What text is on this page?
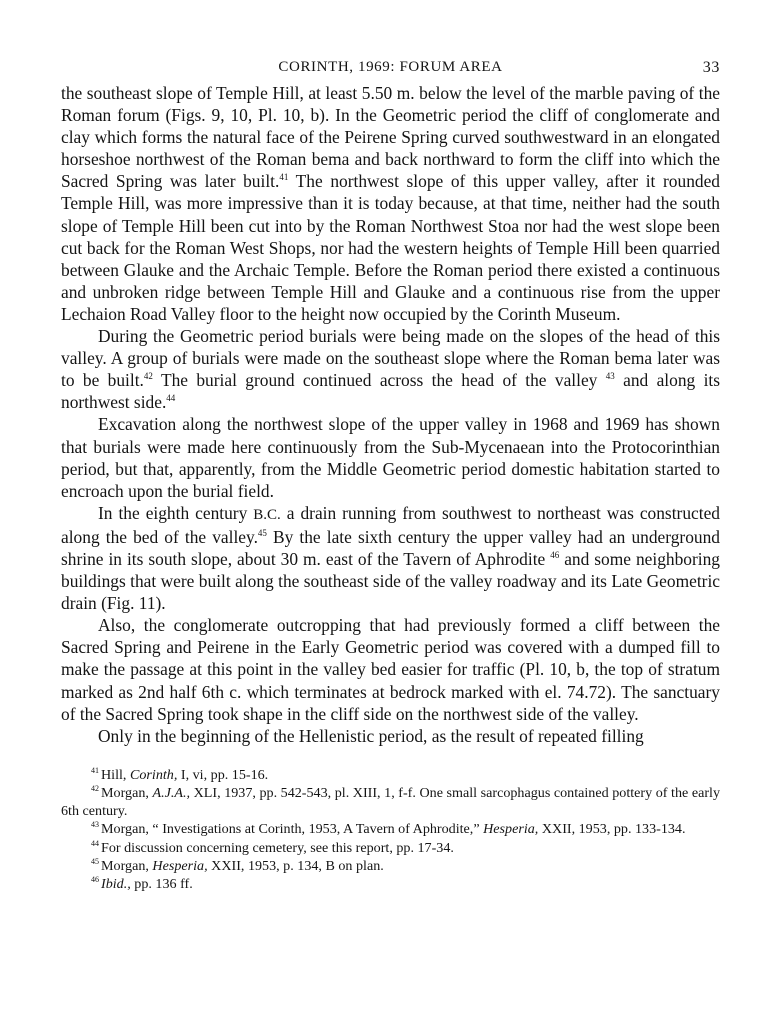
CORINTH, 1969: FORUM AREA	33

the southeast slope of Temple Hill, at least 5.50 m. below the level of the marble paving of the Roman forum (Figs. 9, 10, Pl. 10, b). In the Geometric period the cliff of conglomerate and clay which forms the natural face of the Peirene Spring curved southwestward in an elongated horseshoe northwest of the Roman bema and back northward to form the cliff into which the Sacred Spring was later built.$^{41}$ The northwest slope of this upper valley, after it rounded Temple Hill, was more impressive than it is today because, at that time, neither had the south slope of Temple Hill been cut into by the Roman Northwest Stoa nor had the west slope been cut back for the Roman West Shops, nor had the western heights of Temple Hill been quarried between Glauke and the Archaic Temple. Before the Roman period there existed a continuous and unbroken ridge between Temple Hill and Glauke and a continuous rise from the upper Lechaion Road Valley floor to the height now occupied by the Corinth Museum.

During the Geometric period burials were being made on the slopes of the head of this valley. A group of burials were made on the southeast slope where the Roman bema later was to be built.$^{42}$ The burial ground continued across the head of the valley $^{43}$ and along its northwest side.$^{44}$

Excavation along the northwest slope of the upper valley in 1968 and 1969 has shown that burials were made here continuously from the Sub-Mycenaean into the Protocorinthian period, but that, apparently, from the Middle Geometric period domestic habitation started to encroach upon the burial field.

In the eighth century B.C. a drain running from southwest to northeast was constructed along the bed of the valley.$^{45}$ By the late sixth century the upper valley had an underground shrine in its south slope, about 30 m. east of the Tavern of Aphrodite $^{46}$ and some neighboring buildings that were built along the southeast side of the valley roadway and its Late Geometric drain (Fig. 11).

Also, the conglomerate outcropping that had previously formed a cliff between the Sacred Spring and Peirene in the Early Geometric period was covered with a dumped fill to make the passage at this point in the valley bed easier for traffic (Pl. 10, b, the top of stratum marked as 2nd half 6th c. which terminates at bedrock marked with el. 74.72). The sanctuary of the Sacred Spring took shape in the cliff side on the northwest side of the valley.

Only in the beginning of the Hellenistic period, as the result of repeated filling

$^{41}$ Hill, Corinth, I, vi, pp. 15-16.

$^{42}$ Morgan, A.J.A., XLI, 1937, pp. 542-543, pl. XIII, 1, f-f. One small sarcophagus contained pottery of the early 6th century.

$^{43}$ Morgan, “ Investigations at Corinth, 1953, A Tavern of Aphrodite,” Hesperia, XXII, 1953, pp. 133-134.

$^{44}$ For discussion concerning cemetery, see this report, pp. 17-34.

$^{45}$ Morgan, Hesperia, XXII, 1953, p. 134, B on plan.

$^{46}$ Ibid., pp. 136 ff.
